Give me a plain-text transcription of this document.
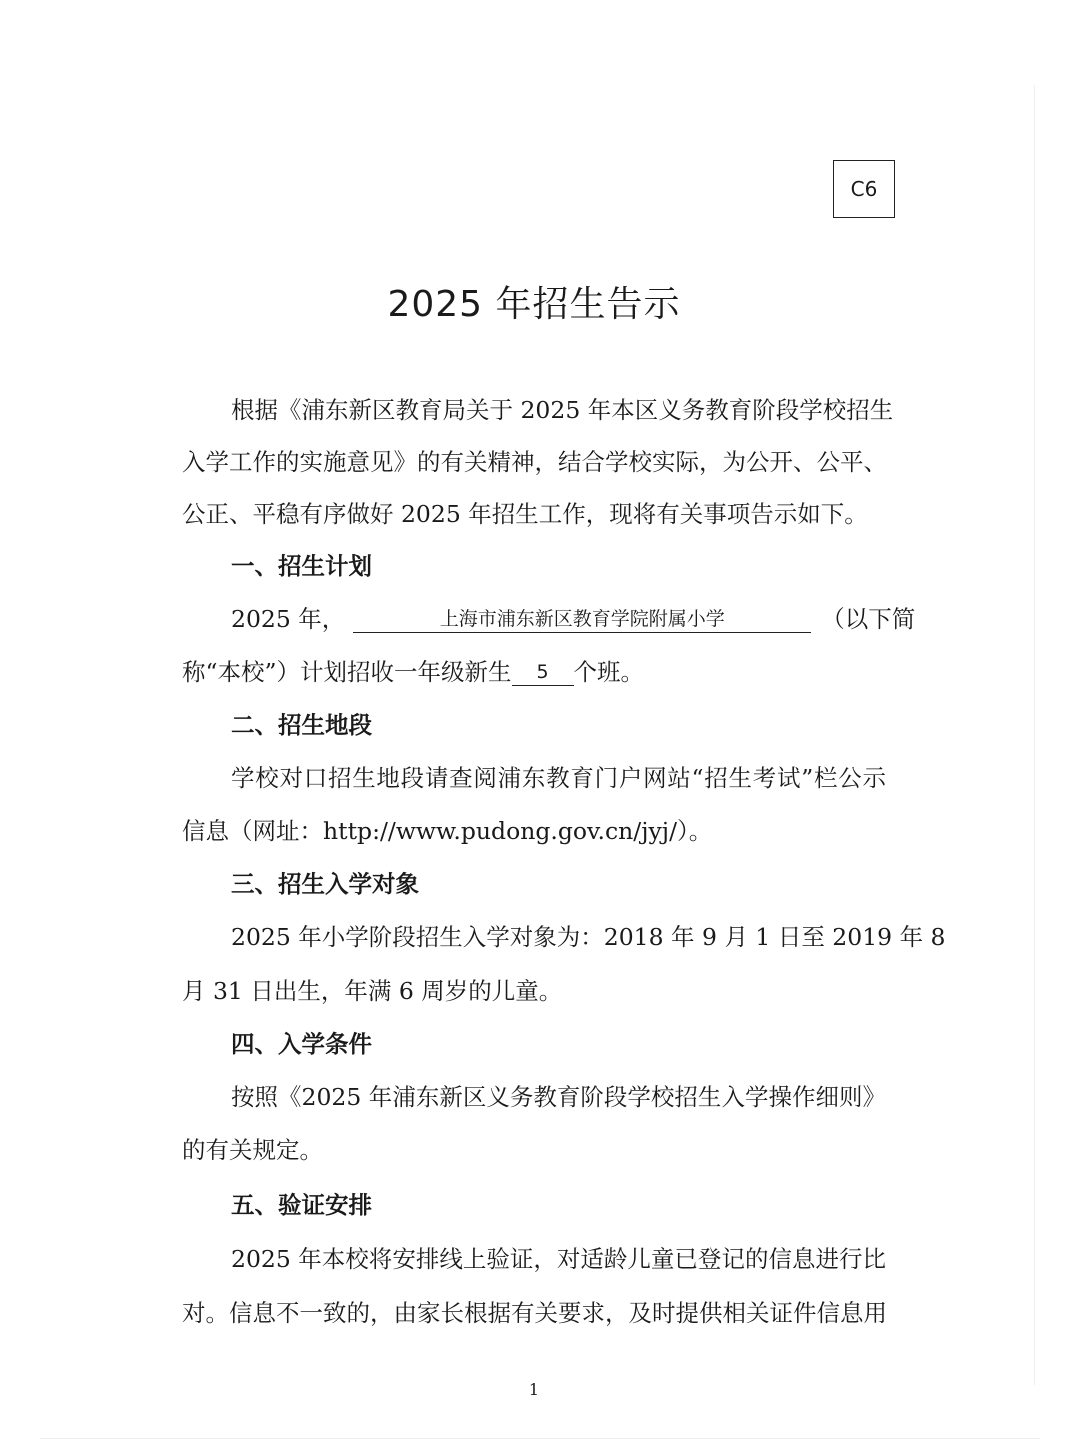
C6
2025 年招生告示
根据《浦东新区教育局关于 2025 年本区义务教育阶段学校招生
入学工作的实施意见》的有关精神，结合学校实际，为公开、公平、
公正、平稳有序做好 2025 年招生工作，现将有关事项告示如下。
一、招生计划
2025 年，	上海市浦东新区教育学院附属小学	（以下简
称“本校”）计划招收一年级新生 5 个班。
二、招生地段
学校对口招生地段请查阅浦东教育门户网站“招生考试”栏公示
信息（网址：http://www.pudong.gov.cn/jyj/）。
三、招生入学对象
2025 年小学阶段招生入学对象为：2018 年 9 月 1 日至 2019 年 8
月 31 日出生，年满 6 周岁的儿童。
四、入学条件
按照《2025 年浦东新区义务教育阶段学校招生入学操作细则》
的有关规定。
五、验证安排
2025 年本校将安排线上验证，对适龄儿童已登记的信息进行比
对。信息不一致的，由家长根据有关要求，及时提供相关证件信息用
1
